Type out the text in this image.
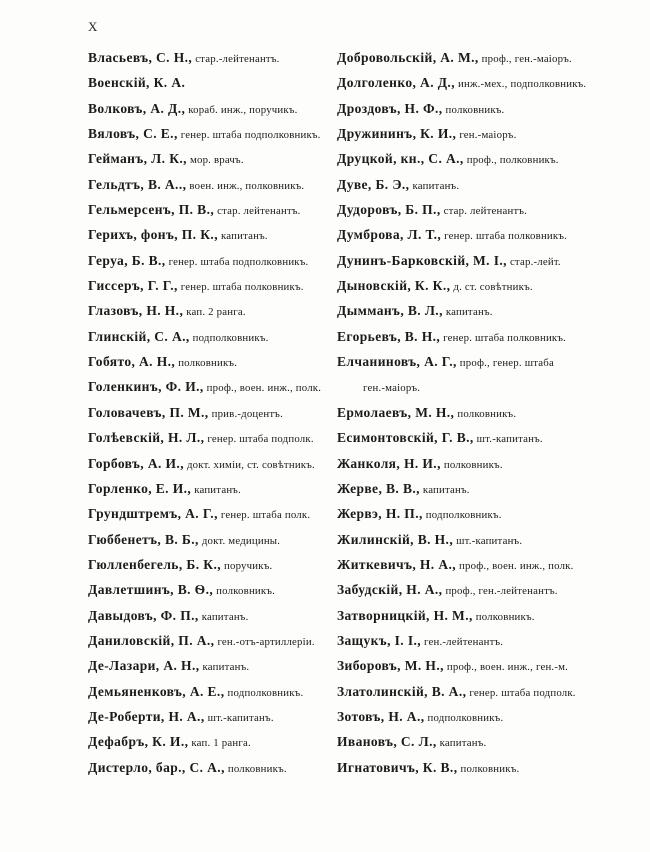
X
Власьевъ, С. Н., стар.-лейтенантъ.
Военскій, К. А.
Волковъ, А. Д., кораб. инж., поручикъ.
Вяловъ, С. Е., генер. штаба подполковникъ.
Гейманъ, Л. К., мор. врачъ.
Гельдтъ, В. А.., воен. инж., полковникъ.
Гельмерсенъ, П. В., стар. лейтенантъ.
Герихъ, фонъ, П. К., капитанъ.
Геруа, Б. В., генер. штаба подполковникъ.
Гиссеръ, Г. Г., генер. штаба полковникъ.
Глазовъ, Н. Н., кап. 2 ранга.
Глинскій, С. А., подполковникъ.
Гобято, А. Н., полковникъ.
Голенкинъ, Ф. И., проф., воен. инж., полк.
Головачевъ, П. М., прив.-доцентъ.
Голѣевскій, Н. Л., генер. штаба подполк.
Горбовъ, А. И., докт. химіи, ст. совѣтникъ.
Горленко, Е. И., капитанъ.
Грундштремъ, А. Г., генер. штаба полк.
Гюббенетъ, В. Б., докт. медицины.
Гюлленбегель, Б. К., поручикъ.
Давлетшинъ, В. Ѳ., полковникъ.
Давыдовъ, Ф. П., капитанъ.
Даниловскій, П. А., ген.-отъ-артиллеріи.
Де-Лазари, А. Н., капитанъ.
Демьяненковъ, А. Е., подполковникъ.
Де-Роберти, Н. А., шт.-капитанъ.
Дефабръ, К. И., кап. 1 ранга.
Дистерло, бар., С. А., полковникъ.
Добровольскій, А. М., проф., ген.-маіоръ.
Долголенко, А. Д., инж.-мех., подполковникъ.
Дроздовъ, Н. Ф., полковникъ.
Дружининъ, К. И., ген.-маіоръ.
Друцкой, кн., С. А., проф., полковникъ.
Дуве, Б. Э., капитанъ.
Дудоровъ, Б. П., стар. лейтенантъ.
Думброва, Л. Т., генер. штаба полковникъ.
Дунинъ-Барковскій, М. І., стар.-лейт.
Дыновскій, К. К., д. ст. совѣтникъ.
Дымманъ, В. Л., капитанъ.
Егорьевъ, В. Н., генер. штаба полковникъ.
Елчаниновъ, А. Г., проф., генер. штаба
ген.-маіоръ.
Ермолаевъ, М. Н., полковникъ.
Есимонтовскій, Г. В., шт.-капитанъ.
Жанколя, Н. И., полковникъ.
Жерве, В. В., капитанъ.
Жервэ, Н. П., подполковникъ.
Жилинскій, В. Н., шт.-капитанъ.
Житкевичъ, Н. А., проф., воен. инж., полк.
Забудскій, Н. А., проф., ген.-лейтенантъ.
Затворницкій, Н. М., полковникъ.
Защукъ, І. І., ген.-лейтенантъ.
Зиборовъ, М. Н., проф., воен. инж., ген.-м.
Златолинскій, В. А., генер. штаба подполк.
Зотовъ, Н. А., подполковникъ.
Ивановъ, С. Л., капитанъ.
Игнатовичъ, К. В., полковникъ.
